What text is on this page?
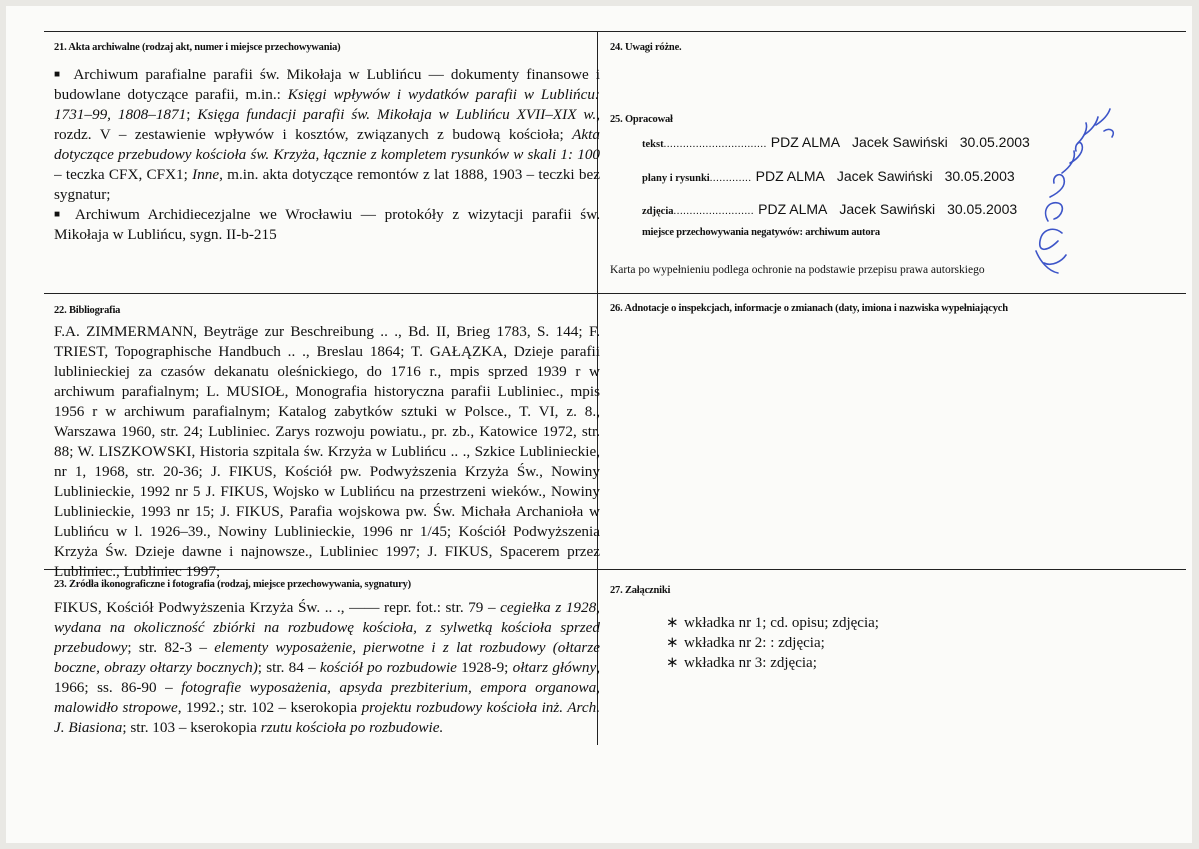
21. Akta archiwalne (rodzaj akt, numer i miejsce przechowywania)
■ Archiwum parafialne parafii św. Mikołaja w Lublińcu — dokumenty finansowe i budowlane dotyczące parafii, m.in.: Księgi wpływów i wydatków parafii w Lublińcu: 1731–99, 1808–1871; Księga fundacji parafii św. Mikołaja w Lublińcu XVII–XIX w., rozdz. V – zestawienie wpływów i kosztów, związanych z budową kościoła; Akta dotyczące przebudowy kościoła św. Krzyża, łącznie z kompletem rysunków w skali 1: 100 – teczka CFX, CFX1; Inne, m.in. akta dotyczące remontów z lat 1888, 1903 – teczki bez sygnatur;
■ Archiwum Archidiecezjalne we Wrocławiu — protokóły z wizytacji parafii św. Mikołaja w Lublińcu, sygn. II-b-215
24. Uwagi różne.
25. Opracował
tekst ................................ PDZ ALMA Jacek Sawiński 30.05.2003
plany i rysunki ............. PDZ ALMA Jacek Sawiński 30.05.2003
zdjęcia ......................... PDZ ALMA Jacek Sawiński 30.05.2003
miejsce przechowywania negatywów: archiwum autora
Karta po wypełnieniu podlega ochronie na podstawie przepisu prawa autorskiego
22. Bibliografia
F.A. ZIMMERMANN, Beyträge zur Beschreibung .. ., Bd. II, Brieg 1783, S. 144; F. TRIEST, Topographische Handbuch .. ., Breslau 1864; T. GAŁĄZKA, Dzieje parafii lublinieckiej za czasów dekanatu oleśnickiego, do 1716 r., mpis sprzed 1939 r w archiwum parafialnym; L. MUSIOŁ, Monografia historyczna parafii Lubliniec., mpis 1956 r w archiwum parafialnym; Katalog zabytków sztuki w Polsce., T. VI, z. 8., Warszawa 1960, str. 24; Lubliniec. Zarys rozwoju powiatu., pr. zb., Katowice 1972, str. 88; W. LISZKOWSKI, Historia szpitala św. Krzyża w Lublińcu .. ., Szkice Lublinieckie, nr 1, 1968, str. 20-36; J. FIKUS, Kościół pw. Podwyższenia Krzyża Św., Nowiny Lublinieckie, 1992 nr 5 J. FIKUS, Wojsko w Lublińcu na przestrzeni wieków., Nowiny Lublinieckie, 1993 nr 15; J. FIKUS, Parafia wojskowa pw. Św. Michała Archanioła w Lublińcu w l. 1926–39., Nowiny Lublinieckie, 1996 nr 1/45; Kościół Podwyższenia Krzyża Św. Dzieje dawne i najnowsze., Lubliniec 1997; J. FIKUS, Spacerem przez Lubliniec., Lubliniec 1997;
26. Adnotacje o inspekcjach, informacje o zmianach (daty, imiona i nazwiska wypełniających
23. Źródła ikonograficzne i fotografia (rodzaj, miejsce przechowywania, sygnatury)
FIKUS, Kościół Podwyższenia Krzyża Św. .. ., —— repr. fot.: str. 79 – cegiełka z 1928, wydana na okoliczność zbiórki na rozbudowę kościoła, z sylwetką kościoła sprzed przebudowy; str. 82-3 – elementy wyposażenie, pierwotne i z lat rozbudowy (ołtarze boczne, obrazy ołtarzy bocznych); str. 84 – kościół po rozbudowie 1928-9; ołtarz główny, 1966; ss. 86-90 – fotografie wyposażenia, apsyda prezbiterium, empora organowa, malowidło stropowe, 1992.; str. 102 – kserokopia projektu rozbudowy kościoła inż. Arch. J. Biasiona; str. 103 – kserokopia rzutu kościoła po rozbudowie.
27. Załączniki
∗ wkładka nr 1; cd. opisu; zdjęcia;
∗ wkładka nr 2: : zdjęcia;
∗ wkładka nr 3: zdjęcia;
